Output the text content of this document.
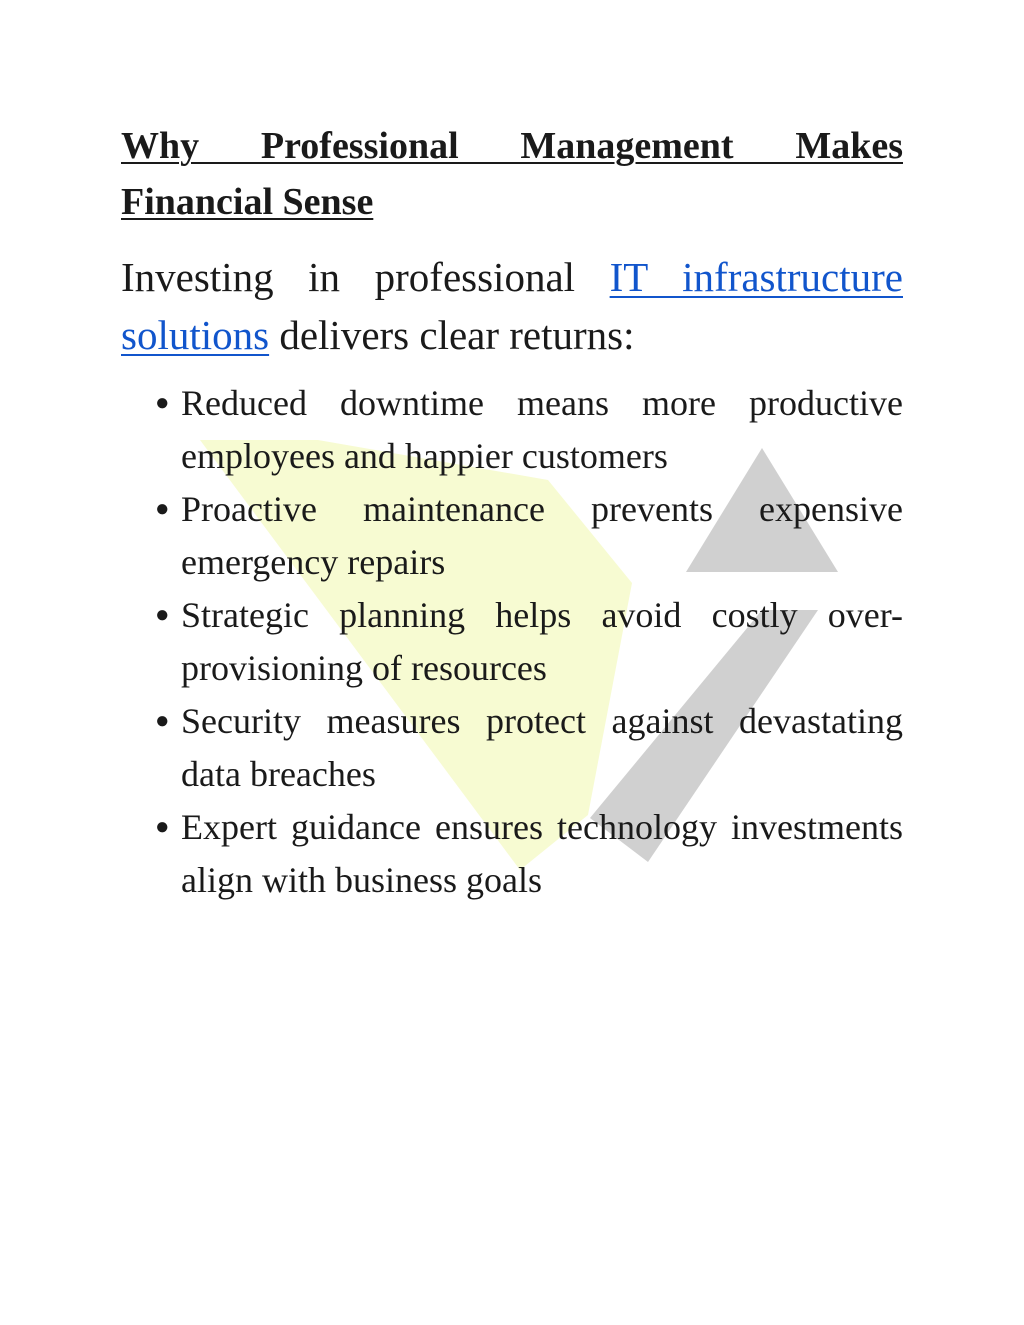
Why Professional Management Makes Financial Sense

Investing in professional IT infrastructure solutions delivers clear returns:

● Reduced downtime means more productive employees and happier customers
● Proactive maintenance prevents expensive emergency repairs
● Strategic planning helps avoid costly over-provisioning of resources
● Security measures protect against devastating data breaches
● Expert guidance ensures technology investments align with business goals
